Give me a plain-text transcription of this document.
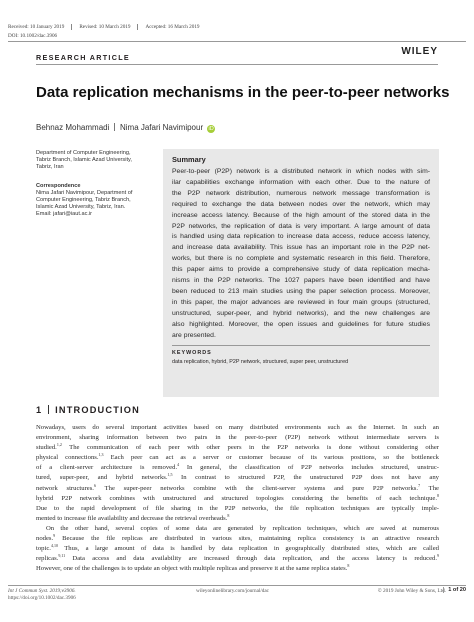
Received: 10 January 2019	Revised: 10 March 2019	Accepted: 16 March 2019
DOI: 10.1002/dac.3906
RESEARCH ARTICLE
WILEY
Data replication mechanisms in the peer-to-peer networks
Behnaz Mohammadi Nima Jafari Navimipour iD
Department of Computer Engineering,
Tabriz Branch, Islamic Azad University,
Tabriz, Iran
Correspondence
Nima Jafari Navimipour, Department of
Computer Engineering, Tabriz Branch,
Islamic Azad University, Tabriz, Iran.
Email: jafari@iaut.ac.ir
Summary
Peer-to-peer (P2P) network is a distributed network in which nodes with sim-
ilar capabilities exchange information with each other. Due to the nature of
the P2P network distribution, numerous network message transformation is
required to exchange the data between nodes over the network, which may
increase access latency. Because of the high amount of the stored data in the
P2P networks, the replication of data is very important. A large amount of data
is handled using data replication to increase data access, reduce access latency,
and increase data availability. This issue has an important role in the P2P net-
works, but there is no complete and systematic research in this field. Therefore,
this paper aims to provide a comprehensive study of data replication mecha-
nisms in the P2P networks. The 1027 papers have been identified and have
been reduced to 213 main studies using the paper selection process. Moreover,
in this paper, the major advances are reviewed in four main groups (structured,
unstructured, super-peer, and hybrid networks), and the new challenges are
also highlighted. Moreover, the open issues and guidelines for future studies
are presented.
KEYWORDS
data replication, hybrid, P2P network, structured, super peer, unstructured
1 INTRODUCTION
Nowadays, users do several important activities based on many distributed environments such as the Internet. In such an
environment, sharing information between two pairs in the peer-to-peer (P2P) network without intermediate servers is
studied.$^{1,2}$ The communication of each peer with other peers in the P2P networks is done without considering other
physical connections.$^{1,3}$ Each peer can act as a server or customer because of its various positions, so the bottleneck
of a client-server architecture is removed.$^4$ In general, the classification of P2P networks includes structured, unstruc-
tured, super-peer, and hybrid networks.$^{1,5}$ In contrast to structured P2P, the unstructured P2P does not have any
network structures.$^6$ The super-peer networks combine with the client-server systems and pure P2P networks.$^7$ The
hybrid P2P network combines with unstructured and structured topologies considering the benefits of each technique.$^8$
Due to the rapid development of file sharing in the P2P networks, the file replication techniques are typically imple-
mented to increase file availability and decrease the retrieval overheads.$^8$
On the other hand, several copies of some data are generated by replication techniques, which are saved at numerous
nodes.$^9$ Because the file replicas are distributed in various sites, maintaining replica consistency is an attractive research
topic.$^{4,10}$ Thus, a large amount of data is handled by data replication in geographically distributed sites, which are called
replicas.$^{9,11}$ Data access and data availability are increased through data replication, and the access latency is reduced.$^9$
However, one of the challenges is to update an object with multiple replicas and preserve it at the same replica states.$^8$
Int J Commun Syst. 2019;e3906.
https://doi.org/10.1002/dac.3906
wileyonlinelibrary.com/journal/dac	© 2019 John Wiley & Sons, Ltd. 1 of 20
